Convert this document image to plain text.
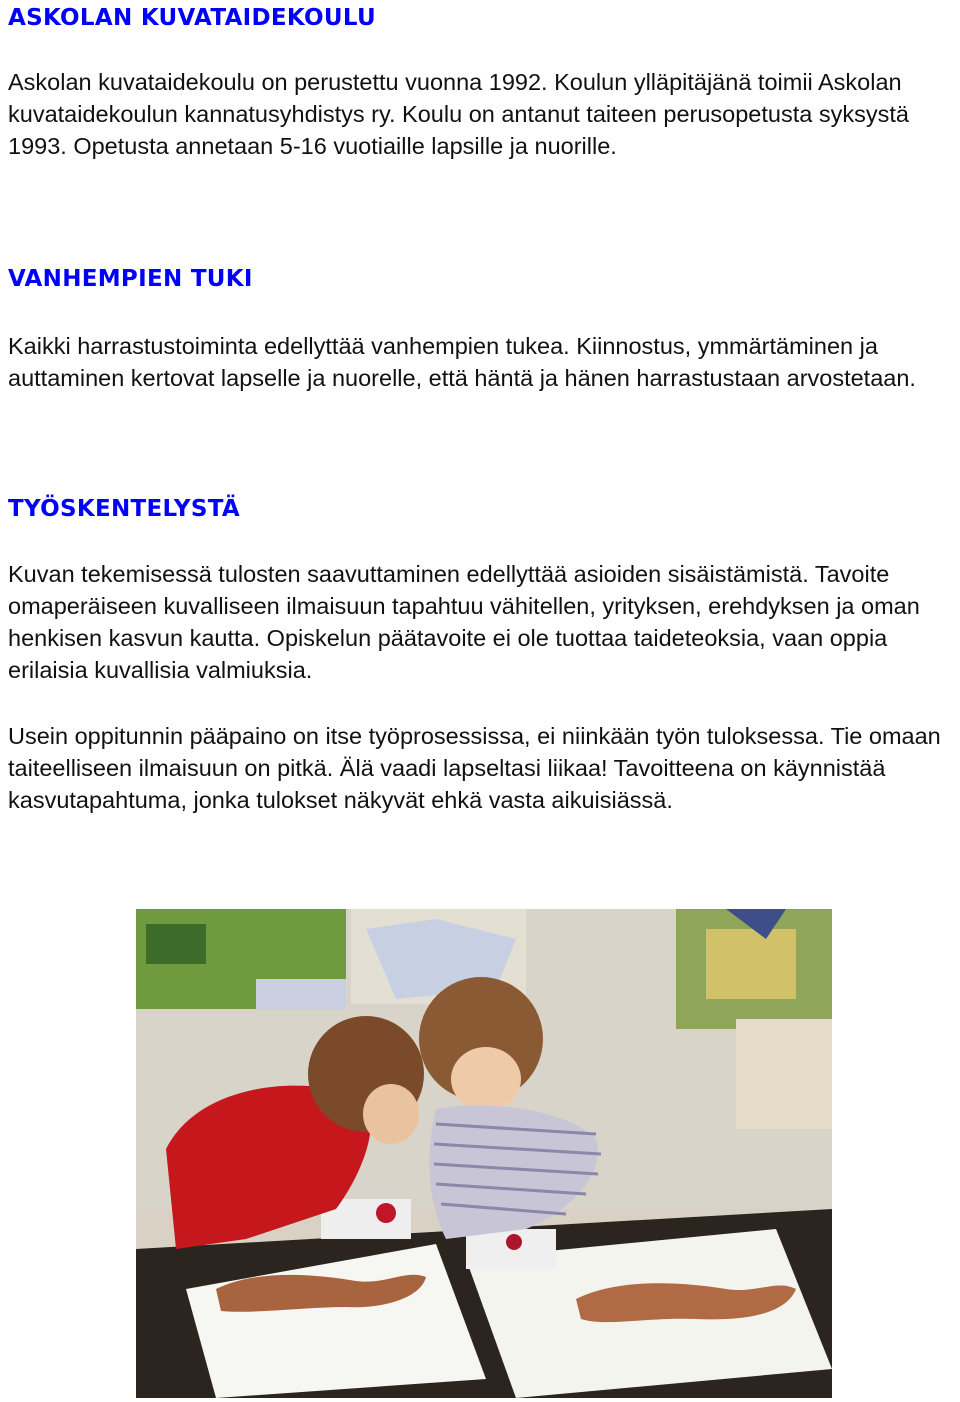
ASKOLAN KUVATAIDEKOULU

Askolan kuvataidekoulu on perustettu vuonna 1992. Koulun ylläpitäjänä toimii Askolan kuvataidekoulun kannatusyhdistys ry. Koulu on antanut taiteen perusopetusta syksystä 1993. Opetusta annetaan 5-16 vuotiaille lapsille ja nuorille.

VANHEMPIEN TUKI

Kaikki harrastustoiminta edellyttää vanhempien tukea. Kiinnostus, ymmärtäminen ja auttaminen kertovat lapselle ja nuorelle, että häntä ja hänen harrastustaan arvostetaan.

TYÖSKENTELYSTÄ

Kuvan tekemisessä tulosten saavuttaminen edellyttää asioiden sisäistämistä. Tavoite omaperäiseen kuvalliseen ilmaisuun tapahtuu vähitellen, yrityksen, erehdyksen ja oman henkisen kasvun kautta. Opiskelun päätavoite ei ole tuottaa taideteoksia, vaan oppia erilaisia kuvallisia valmiuksia.

Usein oppitunnin pääpaino on itse työprosessissa, ei niinkään työn tuloksessa. Tie omaan taiteelliseen ilmaisuun on pitkä. Älä vaadi lapseltasi liikaa! Tavoitteena on käynnistää kasvutapahtuma, jonka tulokset näkyvät ehkä vasta aikuisiässä.
